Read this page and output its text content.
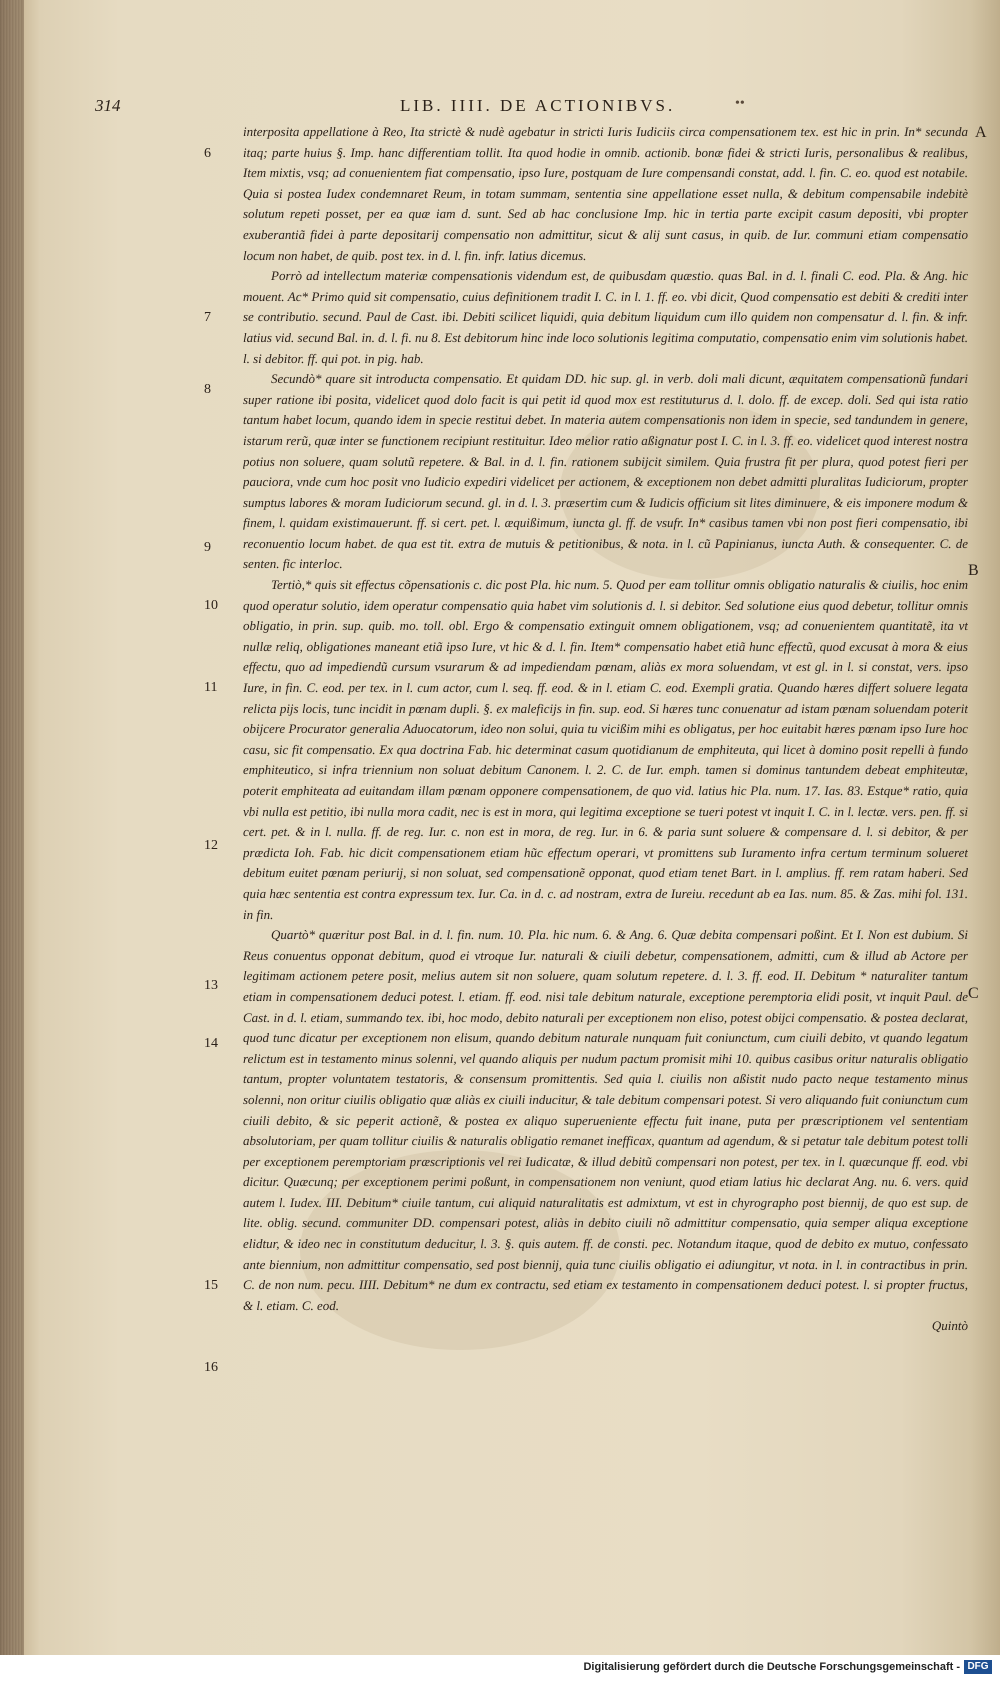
314	LIB. IIII. DE ACTIONIBVS.	••
A
B
C
6
7
8
9
10
11
12
13
14
15
16

interposita appellatione à Reo, Ita strictè & nudè agebatur in stricti Iuris Iudiciis circa compensationem tex. est hic in prin. In* secunda itaq; parte huius §. Imp. hanc differentiam tollit. Ita quod hodie in omnib. actionib. bonæ fidei & stricti Iuris, personalibus & realibus, Item mixtis, vsq; ad conuenientem fiat compensatio, ipso Iure, postquam de Iure compensandi constat, add. l. fin. C. eo. quod est notabile. Quia si postea Iudex condemnaret Reum, in totam summam, sententia sine appellatione esset nulla, & debitum compensabile indebitè solutum repeti posset, per ea quæ iam d. sunt. Sed ab hac conclusione Imp. hic in tertia parte excipit casum depositi, vbi propter exuberantiã fidei à parte depositarij compensatio non admittitur, sicut & alij sunt casus, in quib. de Iur. communi etiam compensatio locum non habet, de quib. post tex. in d. l. fin. infr. latius dicemus.

Porrò ad intellectum materiæ compensationis videndum est, de quibusdam quæstio. quas Bal. in d. l. finali C. eod. Pla. & Ang. hic mouent. Ac* Primo quid sit compensatio, cuius definitionem tradit I. C. in l. 1. ff. eo. vbi dicit, Quod compensatio est debiti & crediti inter se contributio. secund. Paul de Cast. ibi. Debiti scilicet liquidi, quia debitum liquidum cum illo quidem non compensatur d. l. fin. & infr. latius vid. secund Bal. in. d. l. fi. nu 8. Est debitorum hinc inde loco solutionis legitima computatio, compensatio enim vim solutionis habet. l. si debitor. ff. qui pot. in pig. hab.

Secundò* quare sit introducta compensatio. Et quidam DD. hic sup. gl. in verb. doli mali dicunt, æquitatem compensationũ fundari super ratione ibi posita, videlicet quod dolo facit is qui petit id quod mox est restituturus d. l. dolo. ff. de excep. doli. Sed qui ista ratio tantum habet locum, quando idem in specie restitui debet. In materia autem compensationis non idem in specie, sed tandundem in genere, istarum rerũ, quæ inter se functionem recipiunt restituitur. Ideo melior ratio aßignatur post I. C. in l. 3. ff. eo. videlicet quod interest nostra potius non soluere, quam solutũ repetere. & Bal. in d. l. fin. rationem subijcit similem. Quia frustra fit per plura, quod potest fieri per pauciora, vnde cum hoc posit vno Iudicio expediri videlicet per actionem, & exceptionem non debet admitti pluralitas Iudiciorum, propter sumptus labores & moram Iudiciorum secund. gl. in d. l. 3. præsertim cum & Iudicis officium sit lites diminuere, & eis imponere modum & finem, l. quidam existimauerunt. ff. si cert. pet. l. æquißimum, iuncta gl. ff. de vsufr. In* casibus tamen vbi non post fieri compensatio, ibi reconuentio locum habet. de qua est tit. extra de mutuis & petitionibus, & nota. in l. cũ Papinianus, iuncta Auth. & consequenter. C. de senten. fic interloc.

Tertiò,* quis sit effectus cõpensationis c. dic post Pla. hic num. 5. Quod per eam tollitur omnis obligatio naturalis & ciuilis, hoc enim quod operatur solutio, idem operatur compensatio quia habet vim solutionis d. l. si debitor. Sed solutione eius quod debetur, tollitur omnis obligatio, in prin. sup. quib. mo. toll. obl. Ergo & compensatio extinguit omnem obligationem, vsq; ad conuenientem quantitatẽ, ita vt nullæ reliq, obligationes maneant etiã ipso Iure, vt hic & d. l. fin. Item* compensatio habet etiã hunc effectũ, quod excusat à mora & eius effectu, quo ad impediendũ cursum vsurarum & ad impediendam pœnam, aliàs ex mora soluendam, vt est gl. in l. si constat, vers. ipso Iure, in fin. C. eod. per tex. in l. cum actor, cum l. seq. ff. eod. & in l. etiam C. eod. Exempli gratia. Quando hæres differt soluere legata relicta pijs locis, tunc incidit in pœnam dupli. §. ex maleficijs in fin. sup. eod. Si hæres tunc conuenatur ad istam pœnam soluendam poterit obijcere Procurator generalia Aduocatorum, ideo non solui, quia tu vicißim mihi es obligatus, per hoc euitabit hæres pœnam ipso Iure hoc casu, sic fit compensatio. Ex qua doctrina Fab. hic determinat casum quotidianum de emphiteuta, qui licet à domino posit repelli à fundo emphiteutico, si infra triennium non soluat debitum Canonem. l. 2. C. de Iur. emph. tamen si dominus tantundem debeat emphiteutæ, poterit emphiteata ad euitandam illam pœnam opponere compensationem, de quo vid. latius hic Pla. num. 17. Ias. 83. Estque* ratio, quia vbi nulla est petitio, ibi nulla mora cadit, nec is est in mora, qui legitima exceptione se tueri potest vt inquit I. C. in l. lectæ. vers. pen. ff. si cert. pet. & in l. nulla. ff. de reg. Iur. c. non est in mora, de reg. Iur. in 6. & paria sunt soluere & compensare d. l. si debitor, & per prædicta Ioh. Fab. hic dicit compensationem etiam hũc effectum operari, vt promittens sub Iuramento infra certum terminum solueret debitum euitet pœnam periurij, si non soluat, sed compensationẽ opponat, quod etiam tenet Bart. in l. amplius. ff. rem ratam haberi. Sed quia hæc sententia est contra expressum tex. Iur. Ca. in d. c. ad nostram, extra de Iureiu. recedunt ab ea Ias. num. 85. & Zas. mihi fol. 131. in fin.

Quartò* quæritur post Bal. in d. l. fin. num. 10. Pla. hic num. 6. & Ang. 6. Quæ debita compensari poßint. Et I. Non est dubium. Si Reus conuentus opponat debitum, quod ei vtroque Iur. naturali & ciuili debetur, compensationem, admitti, cum & illud ab Actore per legitimam actionem petere posit, melius autem sit non soluere, quam solutum repetere. d. l. 3. ff. eod. II. Debitum * naturaliter tantum etiam in compensationem deduci potest. l. etiam. ff. eod. nisi tale debitum naturale, exceptione peremptoria elidi posit, vt inquit Paul. de Cast. in d. l. etiam, summando tex. ibi, hoc modo, debito naturali per exceptionem non eliso, potest obijci compensatio. & postea declarat, quod tunc dicatur per exceptionem non elisum, quando debitum naturale nunquam fuit coniunctum, cum ciuili debito, vt quando legatum relictum est in testamento minus solenni, vel quando aliquis per nudum pactum promisit mihi 10. quibus casibus oritur naturalis obligatio tantum, propter voluntatem testatoris, & consensum promittentis. Sed quia l. ciuilis non aßistit nudo pacto neque testamento minus solenni, non oritur ciuilis obligatio quæ aliàs ex ciuili inducitur, & tale debitum compensari potest. Si vero aliquando fuit coniunctum cum ciuili debito, & sic peperit actionẽ, & postea ex aliquo superueniente effectu fuit inane, puta per præscriptionem vel sententiam absolutoriam, per quam tollitur ciuilis & naturalis obligatio remanet inefficax, quantum ad agendum, & si petatur tale debitum potest tolli per exceptionem peremptoriam præscriptionis vel rei Iudicatæ, & illud debitũ compensari non potest, per tex. in l. quæcunque ff. eod. vbi dicitur. Quæcunq; per exceptionem perimi poßunt, in compensationem non veniunt, quod etiam latius hic declarat Ang. nu. 6. vers. quid autem l. Iudex. III. Debitum* ciuile tantum, cui aliquid naturalitatis est admixtum, vt est in chyrographo post biennij, de quo est sup. de lite. oblig. secund. communiter DD. compensari potest, aliàs in debito ciuili nõ admittitur compensatio, quia semper aliqua exceptione elidtur, & ideo nec in constitutum deducitur, l. 3. §. quis autem. ff. de consti. pec. Notandum itaque, quod de debito ex mutuo, confessato ante biennium, non admittitur compensatio, sed post biennij, quia tunc ciuilis obligatio ei adiungitur, vt nota. in l. in contractibus in prin. C. de non num. pecu. IIII. Debitum* ne dum ex contractu, sed etiam ex testamento in compensationem deduci potest. l. si propter fructus, & l. etiam. C. eod.

Quintò

Digitalisierung gefördert durch die Deutsche Forschungsgemeinschaft - DFG
